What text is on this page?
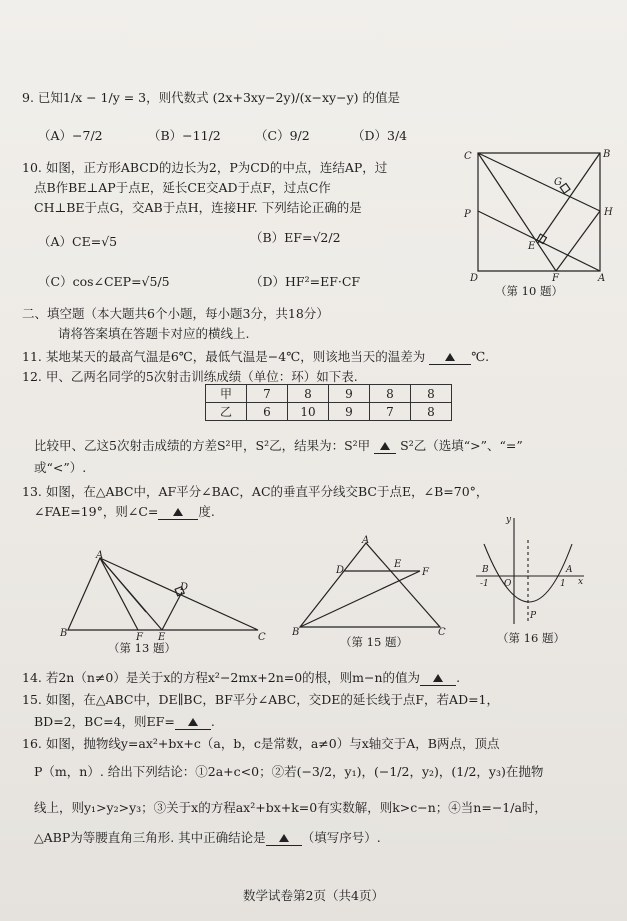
9. 已知1/x − 1/y = 3，则代数式 (2x+3xy−2y)/(x−xy−y) 的值是
（A）−7/2	（B）−11/2	（C）9/2	（D）3/4
10. 如图，正方形ABCD的边长为2，P为CD的中点，连结AP，过
点B作BE⊥AP于点E，延长CE交AD于点F，过点C作
CH⊥BE于点G，交AB于点H，连接HF. 下列结论正确的是
（A）CE=√5	（B）EF=√2/2
（C）cos∠CEP=√5/5	（D）HF²=EF·CF
C	B
G
P	H
E
D	F	A
（第 10 题）
二、填空题（本大题共6个小题，每小题3分，共18分）
请将答案填在答题卡对应的横线上.
11. 某地某天的最高气温是6℃，最低气温是−4℃，则该地当天的温差为	℃.
12. 甲、乙两名同学的5次射击训练成绩（单位：环）如下表.
甲	7	8	9	8	8
乙	6	10	9	7	8
比较甲、乙这5次射击成绩的方差S²甲，S²乙，结果为：S²甲 S²乙（选填“>”、“=”
或“<”）.
13. 如图，在△ABC中，AF平分∠BAC，AC的垂直平分线交BC于点E，∠B=70°，
∠FAE=19°，则∠C=	度.
A
B	F E
D
C
（第 13 题）
A
D
E
F
B	C
（第 15 题）
y
x
B
-1 O	1
A
P
（第 16 题）
14. 若2n（n≠0）是关于x的方程x²−2mx+2n=0的根，则m−n的值为	.
15. 如图，在△ABC中，DE∥BC，BF平分∠ABC，交DE的延长线于点F，若AD=1，
BD=2，BC=4，则EF=	.
16. 如图，抛物线y=ax²+bx+c（a，b，c是常数，a≠0）与x轴交于A，B两点，顶点
P（m，n）. 给出下列结论：①2a+c<0；②若(−3/2，y₁)，(−1/2，y₂)，(1/2，y₃)在抛物
线上，则y₁>y₂>y₃；③关于x的方程ax²+bx+k=0有实数解，则k>c−n；④当n=−1/a时，
△ABP为等腰直角三角形. 其中正确结论是	（填写序号）.
数学试卷第2页（共4页）
